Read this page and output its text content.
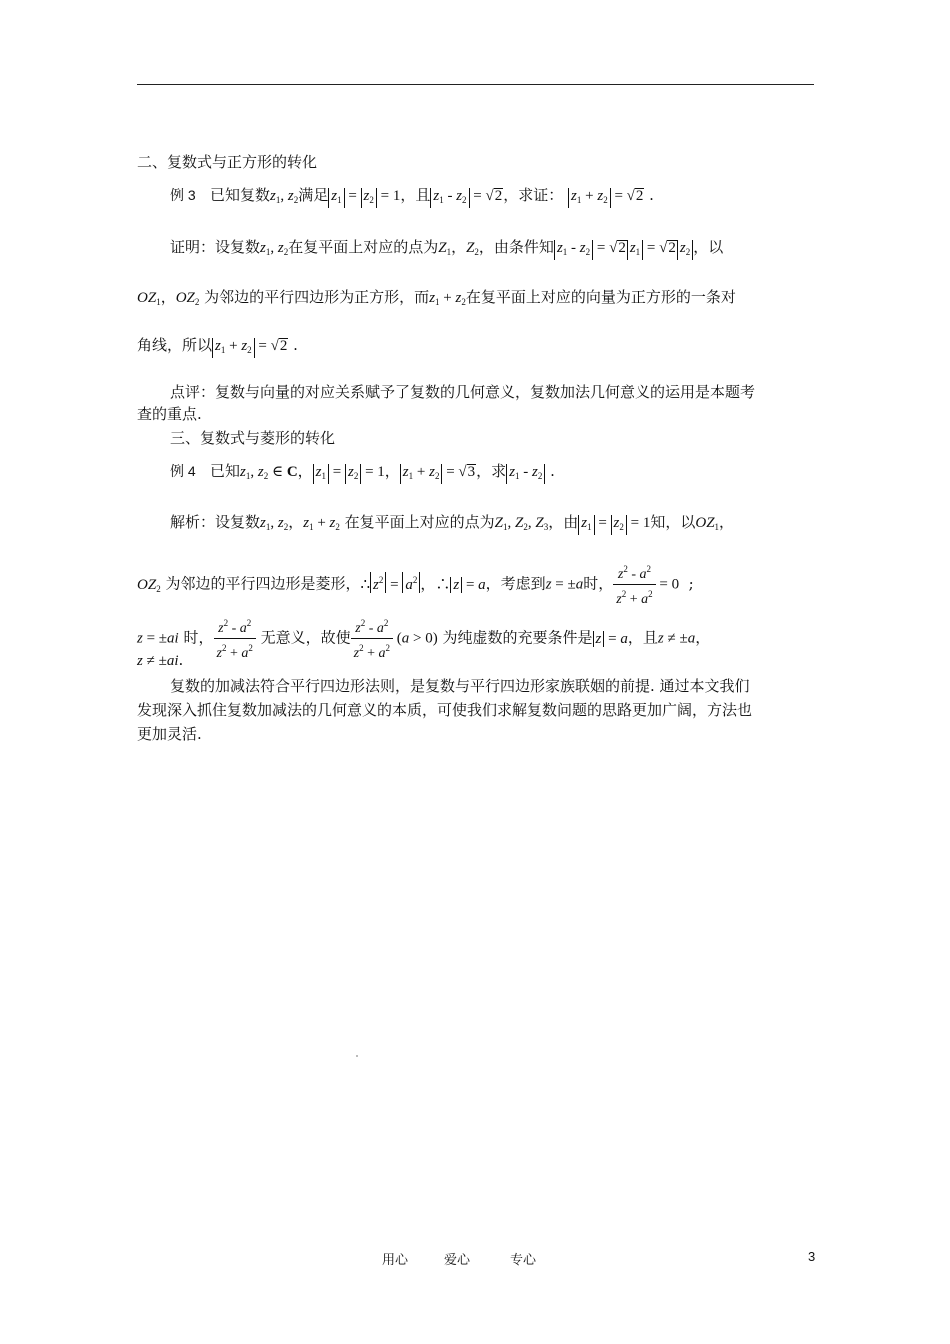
二、复数式与正方形的转化
例 3 已知复数$z_1$, $z_2$满足 $z_1 = z_2 = 1$，且 $z_1 - z_2 = √2$，求证： $z_1 + z_2 = √2$ .
证明：设复数$z_1$, $z_2$在复平面上对应的点为$Z_1$，$Z_2$，由条件知 $z_1 - z_2 = √2$ $z_1 = √2$ $z_2$ ，以
$OZ_1$，$OZ_2$ 为邻边的平行四边形为正方形，而$z_1 + z_2$在复平面上对应的向量为正方形的一条对
角线，所以 $z_1 + z_2 = √2$ .
点评：复数与向量的对应关系赋予了复数的几何意义，复数加法几何意义的运用是本题考
查的重点.
三、复数式与菱形的转化
例 4 已知$z_1$, $z_2$ ∈ C， $z_1 = z_2 = 1$， $z_1 + z_2 = √3$，求 $z_1 - z_2$ .
解析：设复数$z_1$, $z_2$，$z_1 + z_2$ 在复平面上对应的点为$Z_1$, $Z_2$, $Z_3$，由 $z_1 = z_2 = 1$知，以$OZ_1$，
$OZ_2$ 为邻边的平行四边形是菱形，∴ $z^2 = a^2$ ，∴ z = a，考虑到z = ±a时， $\frac{z^2 - a^2}{z^2 + a^2} = 0$  ;
z = ±ai 时， $\frac{z^2 - a^2}{z^2 + a^2}$ 无意义，故使 $\frac{z^2 - a^2}{z^2 + a^2} (a > 0)$ 为纯虚数的充要条件是 z = a，且z ≠ ±a，
z ≠ ±ai.
复数的加减法符合平行四边形法则，是复数与平行四边形家族联姻的前提. 通过本文我们
发现深入抓住复数加减法的几何意义的本质，可使我们求解复数问题的思路更加广阔，方法也
更加灵活.
用心	爱心	专心	3
